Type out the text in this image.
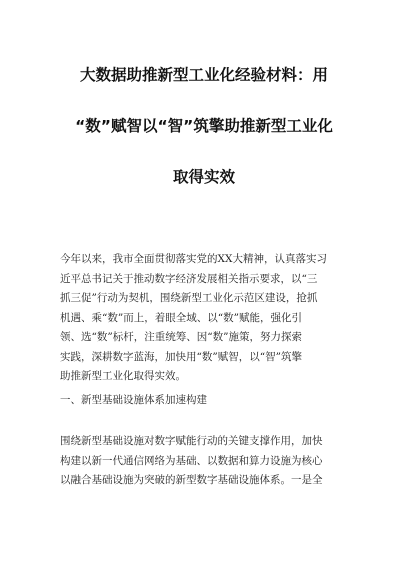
大数据助推新型工业化经验材料：用
“数”赋智以“智”筑擎助推新型工业化
取得实效
今年以来，我市全面贯彻落实党的XX大精神，认真落实习
近平总书记关于推动数字经济发展相关指示要求，以“三
抓三促”行动为契机，围绕新型工业化示范区建设，抢抓
机遇、乘“数”而上，着眼全域、以“数”赋能，强化引
领、选“数”标杆，注重统筹、因“数”施策，努力探索
实践，深耕数字蓝海，加快用“数”赋智，以“智”筑擎
助推新型工业化取得实效。
一、新型基础设施体系加速构建
围绕新型基础设施对数字赋能行动的关键支撑作用，加快
构建以新一代通信网络为基础、以数据和算力设施为核心
以融合基础设施为突破的新型数字基础设施体系。一是全
